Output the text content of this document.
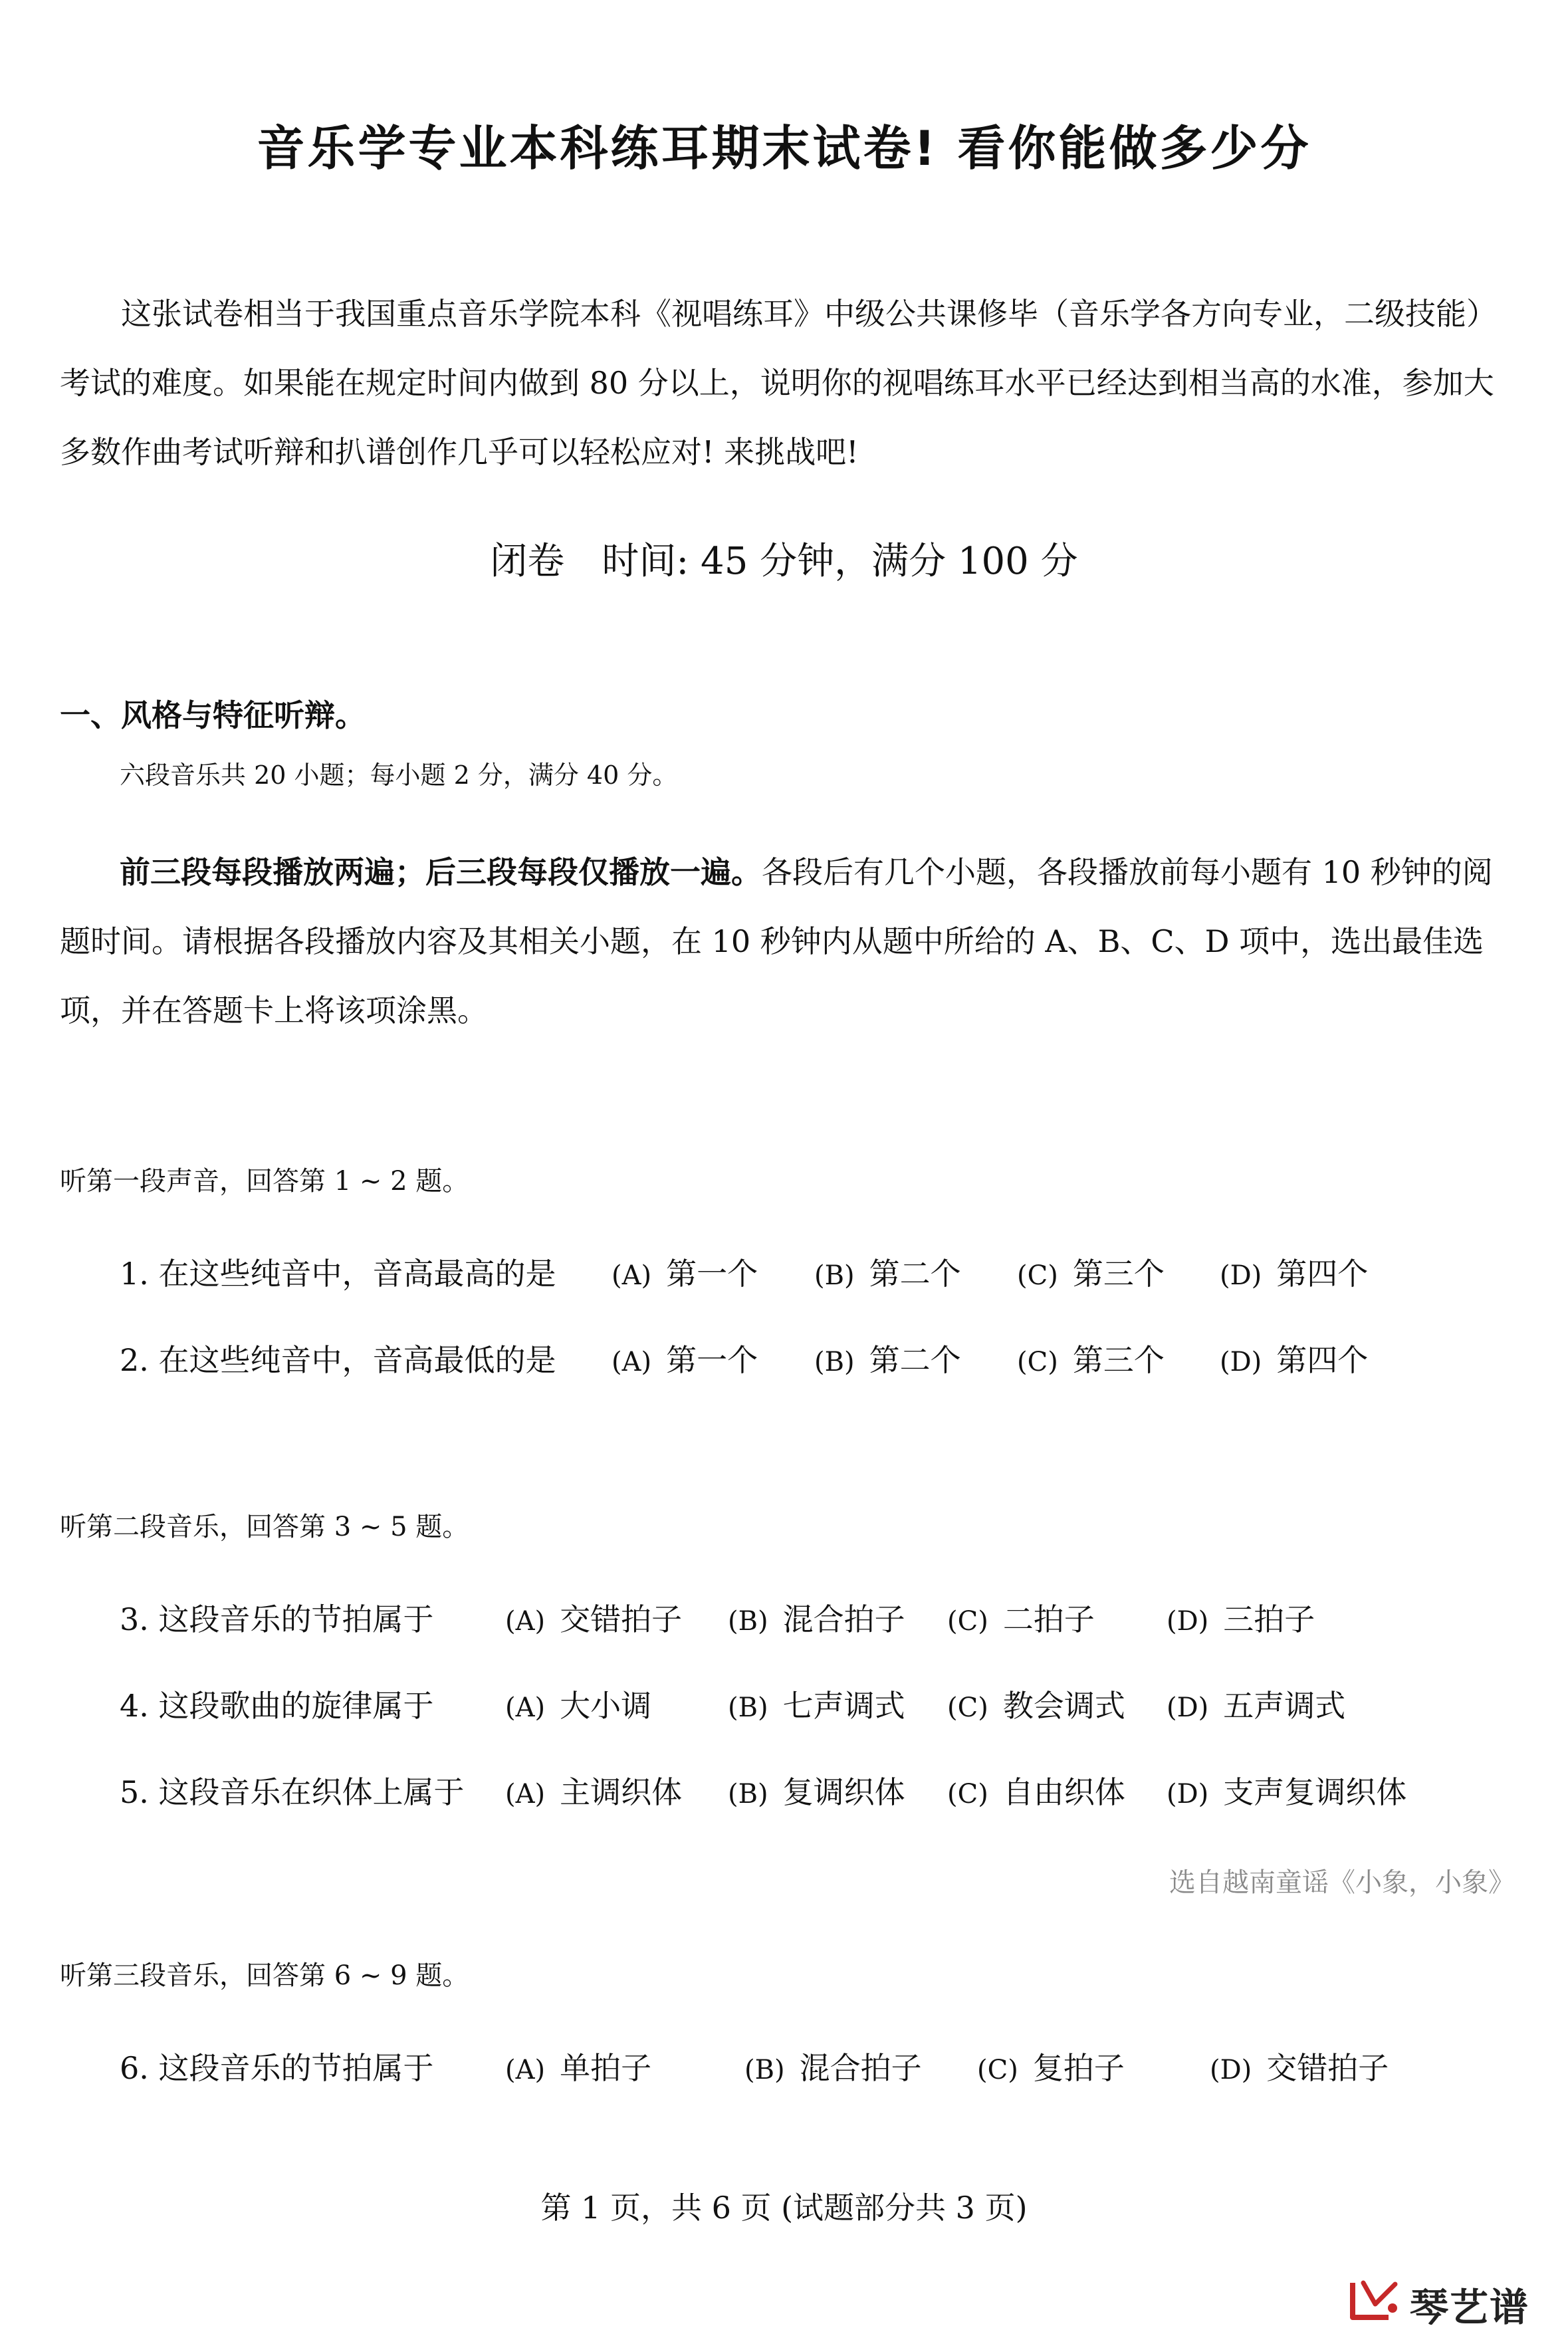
音乐学专业本科练耳期末试卷! 看你能做多少分
这张试卷相当于我国重点音乐学院本科《视唱练耳》中级公共课修毕（音乐学各方向专业，二级技能）考试的难度。如果能在规定时间内做到 80 分以上，说明你的视唱练耳水平已经达到相当高的水准，参加大多数作曲考试听辩和扒谱创作几乎可以轻松应对! 来挑战吧!
闭卷　时间: 45 分钟，满分 100 分
一、风格与特征听辩。
六段音乐共 20 小题；每小题 2 分，满分 40 分。
前三段每段播放两遍；后三段每段仅播放一遍。各段后有几个小题，各段播放前每小题有 10 秒钟的阅题时间。请根据各段播放内容及其相关小题，在 10 秒钟内从题中所给的 A、B、C、D 项中，选出最佳选项，并在答题卡上将该项涂黑。
听第一段声音，回答第 1 ~ 2 题。
1. 在这些纯音中，音高最高的是 (A) 第一个 (B) 第二个 (C) 第三个 (D) 第四个
2. 在这些纯音中，音高最低的是 (A) 第一个 (B) 第二个 (C) 第三个 (D) 第四个
听第二段音乐，回答第 3 ~ 5 题。
3. 这段音乐的节拍属于	(A) 交错拍子 (B) 混合拍子 (C) 二拍子	(D) 三拍子
4. 这段歌曲的旋律属于	(A) 大小调	(B) 七声调式 (C) 教会调式 (D) 五声调式
5. 这段音乐在织体上属于 (A) 主调织体 (B) 复调织体 (C) 自由织体 (D) 支声复调织体
选自越南童谣《小象，小象》
听第三段音乐，回答第 6 ~ 9 题。
6. 这段音乐的节拍属于	(A) 单拍子	(B) 混合拍子 (C) 复拍子	(D) 交错拍子
第 1 页，共 6 页 (试题部分共 3 页)
琴艺谱
